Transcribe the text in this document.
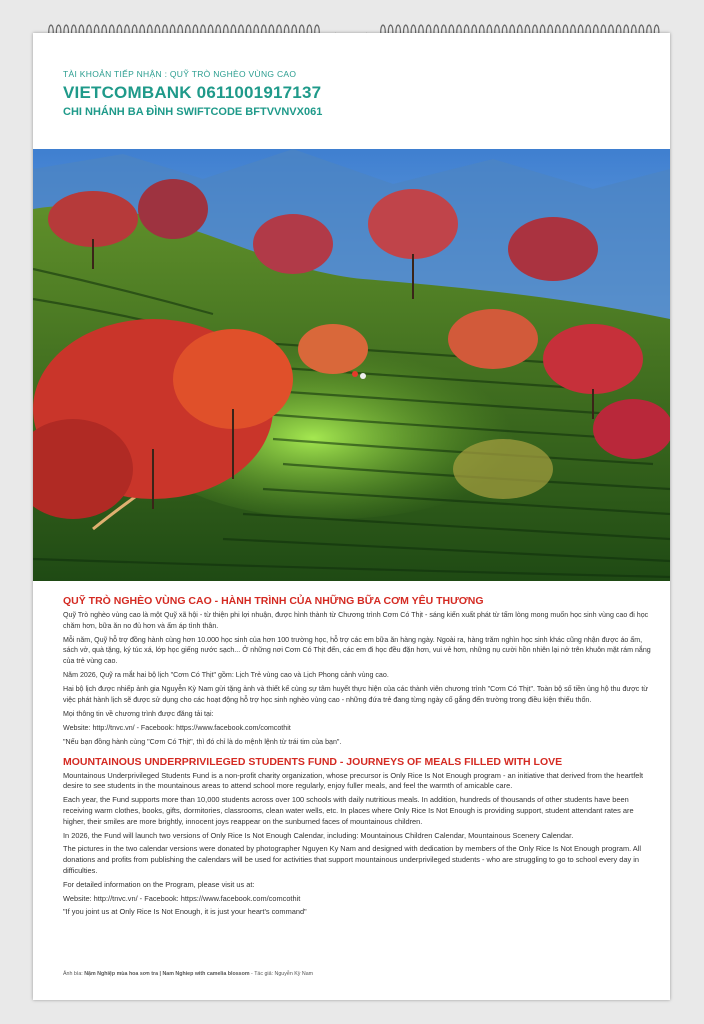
TÀI KHOẢN TIẾP NHẬN : QUỸ TRÒ NGHÈO VÙNG CAO
VIETCOMBANK 0611001917137
CHI NHÁNH BA ĐÌNH SWIFTCODE BFTVVNVX061
QUỸ TRÒ NGHÈO VÙNG CAO - HÀNH TRÌNH CỦA NHỮNG BỮA CƠM YÊU THƯƠNG

Quỹ Trò nghèo vùng cao là một Quỹ xã hội - từ thiện phi lợi nhuận, được hình thành từ Chương trình Cơm Có Thịt - sáng kiến xuất phát từ tấm lòng mong muốn học sinh vùng cao đi học chăm hơn, bữa ăn no đủ hơn và ấm áp tình thân.

Mỗi năm, Quỹ hỗ trợ đồng hành cùng hơn 10.000 học sinh của hơn 100 trường học, hỗ trợ các em bữa ăn hàng ngày. Ngoài ra, hàng trăm nghìn học sinh khác cũng nhận được áo ấm, sách vở, quà tặng, ký túc xá, lớp học giếng nước sạch... Ở những nơi Cơm Có Thịt đến, các em đi học đều đặn hơn, vui vẻ hơn, những nụ cười hồn nhiên lại nở trên khuôn mặt rám nắng của trẻ vùng cao.

Năm 2026, Quỹ ra mắt hai bộ lịch "Cơm Có Thịt" gồm: Lịch Trẻ vùng cao và Lịch Phong cảnh vùng cao.

Hai bộ lịch được nhiếp ảnh gia Nguyễn Kỳ Nam gửi tặng ảnh và thiết kế cùng sự tâm huyết thực hiện của các thành viên chương trình "Cơm Có Thịt". Toàn bộ số tiền ủng hộ thu được từ việc phát hành lịch sẽ được sử dụng cho các hoạt động hỗ trợ học sinh nghèo vùng cao - những đứa trẻ đang từng ngày cố gắng đến trường trong điều kiện thiếu thốn.

Mọi thông tin về chương trình được đăng tải tại:

Website: http://tnvc.vn/ - Facebook: https://www.facebook.com/comcothit

"Nếu bạn đồng hành cùng "Cơm Có Thịt", thì đó chỉ là do mệnh lệnh từ trái tim của bạn".

MOUNTAINOUS UNDERPRIVILEGED STUDENTS FUND - JOURNEYS OF MEALS FILLED WITH LOVE

Mountainous Underprivileged Students Fund is a non-profit charity organization, whose precursor is Only Rice Is Not Enough program - an initiative that derived from the heartfelt desire to see students in the mountainous areas to attend school more regularly, enjoy fuller meals, and feel the warmth of amicable care.

Each year, the Fund supports more than 10,000 students across over 100 schools with daily nutritious meals. In addition, hundreds of thousands of other students have been receiving warm clothes, books, gifts, dormitories, classrooms, clean water wells, etc. In places where Only Rice Is Not Enough is providing support, student attendant rates are higher, their smiles are more brightly, innocent joys reappear on the sunburned faces of mountainous children.

In 2026, the Fund will launch two versions of Only Rice Is Not Enough Calendar, including: Mountainous Children Calendar, Mountainous Scenery Calendar.

The pictures in the two calendar versions were donated by photographer Nguyen Ky Nam and designed with dedication by members of the Only Rice Is Not Enough program. All donations and profits from publishing the calendars will be used for activities that support mountainous underprivileged students - who are struggling to go to school every day in difficulties.

For detailed information on the Program, please visit us at:

Website: http://tnvc.vn/ - Facebook: https://www.facebook.com/comcothit

"If you joint us at Only Rice Is Not Enough, it is just your heart's command"

Ảnh bìa: Nậm Nghiệp mùa hoa sơn tra | Nam Nghiep with camelia blossom - Tác giả: Nguyễn Kỳ Nam
